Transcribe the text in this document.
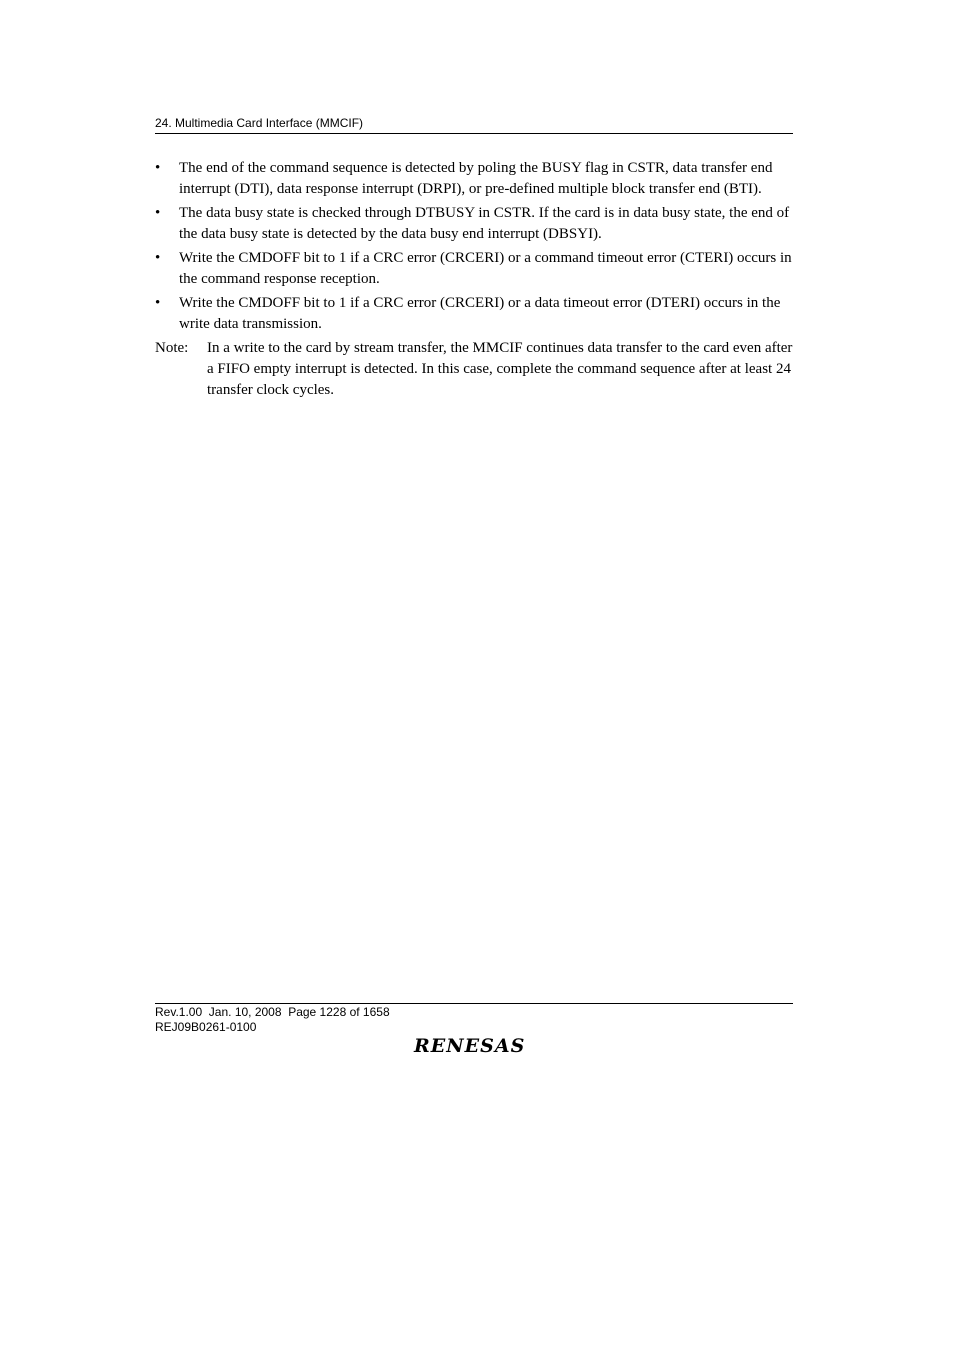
24. Multimedia Card Interface (MMCIF)
•	The end of the command sequence is detected by poling the BUSY flag in CSTR, data transfer end interrupt (DTI), data response interrupt (DRPI), or pre-defined multiple block transfer end (BTI).
•	The data busy state is checked through DTBUSY in CSTR. If the card is in data busy state, the end of the data busy state is detected by the data busy end interrupt (DBSYI).
•	Write the CMDOFF bit to 1 if a CRC error (CRCERI) or a command timeout error (CTERI) occurs in the command response reception.
•	Write the CMDOFF bit to 1 if a CRC error (CRCERI) or a data timeout error (DTERI) occurs in the write data transmission.
Note: In a write to the card by stream transfer, the MMCIF continues data transfer to the card even after a FIFO empty interrupt is detected. In this case, complete the command sequence after at least 24 transfer clock cycles.
Rev.1.00  Jan. 10, 2008  Page 1228 of 1658
REJ09B0261-0100
RENESAS
